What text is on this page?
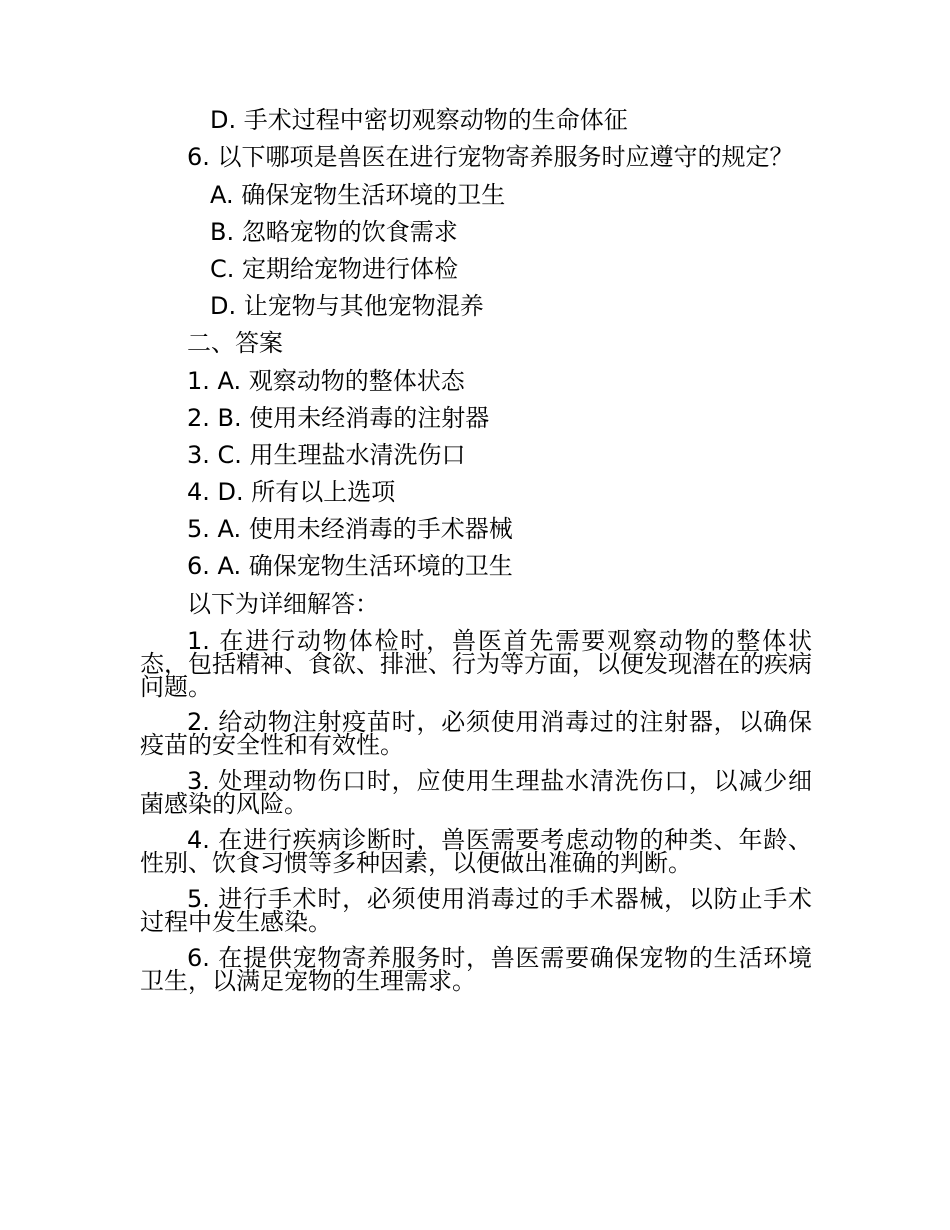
D. 手术过程中密切观察动物的生命体征
6. 以下哪项是兽医在进行宠物寄养服务时应遵守的规定？
A. 确保宠物生活环境的卫生
B. 忽略宠物的饮食需求
C. 定期给宠物进行体检
D. 让宠物与其他宠物混养
二、答案
1. A. 观察动物的整体状态
2. B. 使用未经消毒的注射器
3. C. 用生理盐水清洗伤口
4. D. 所有以上选项
5. A. 使用未经消毒的手术器械
6. A. 确保宠物生活环境的卫生
以下为详细解答：
1. 在进行动物体检时，兽医首先需要观察动物的整体状态，包括精神、食欲、排泄、行为等方面，以便发现潜在的疾病问题。
2. 给动物注射疫苗时，必须使用消毒过的注射器，以确保疫苗的安全性和有效性。
3. 处理动物伤口时，应使用生理盐水清洗伤口，以减少细菌感染的风险。
4. 在进行疾病诊断时，兽医需要考虑动物的种类、年龄、性别、饮食习惯等多种因素，以便做出准确的判断。
5. 进行手术时，必须使用消毒过的手术器械，以防止手术过程中发生感染。
6. 在提供宠物寄养服务时，兽医需要确保宠物的生活环境卫生，以满足宠物的生理需求。
